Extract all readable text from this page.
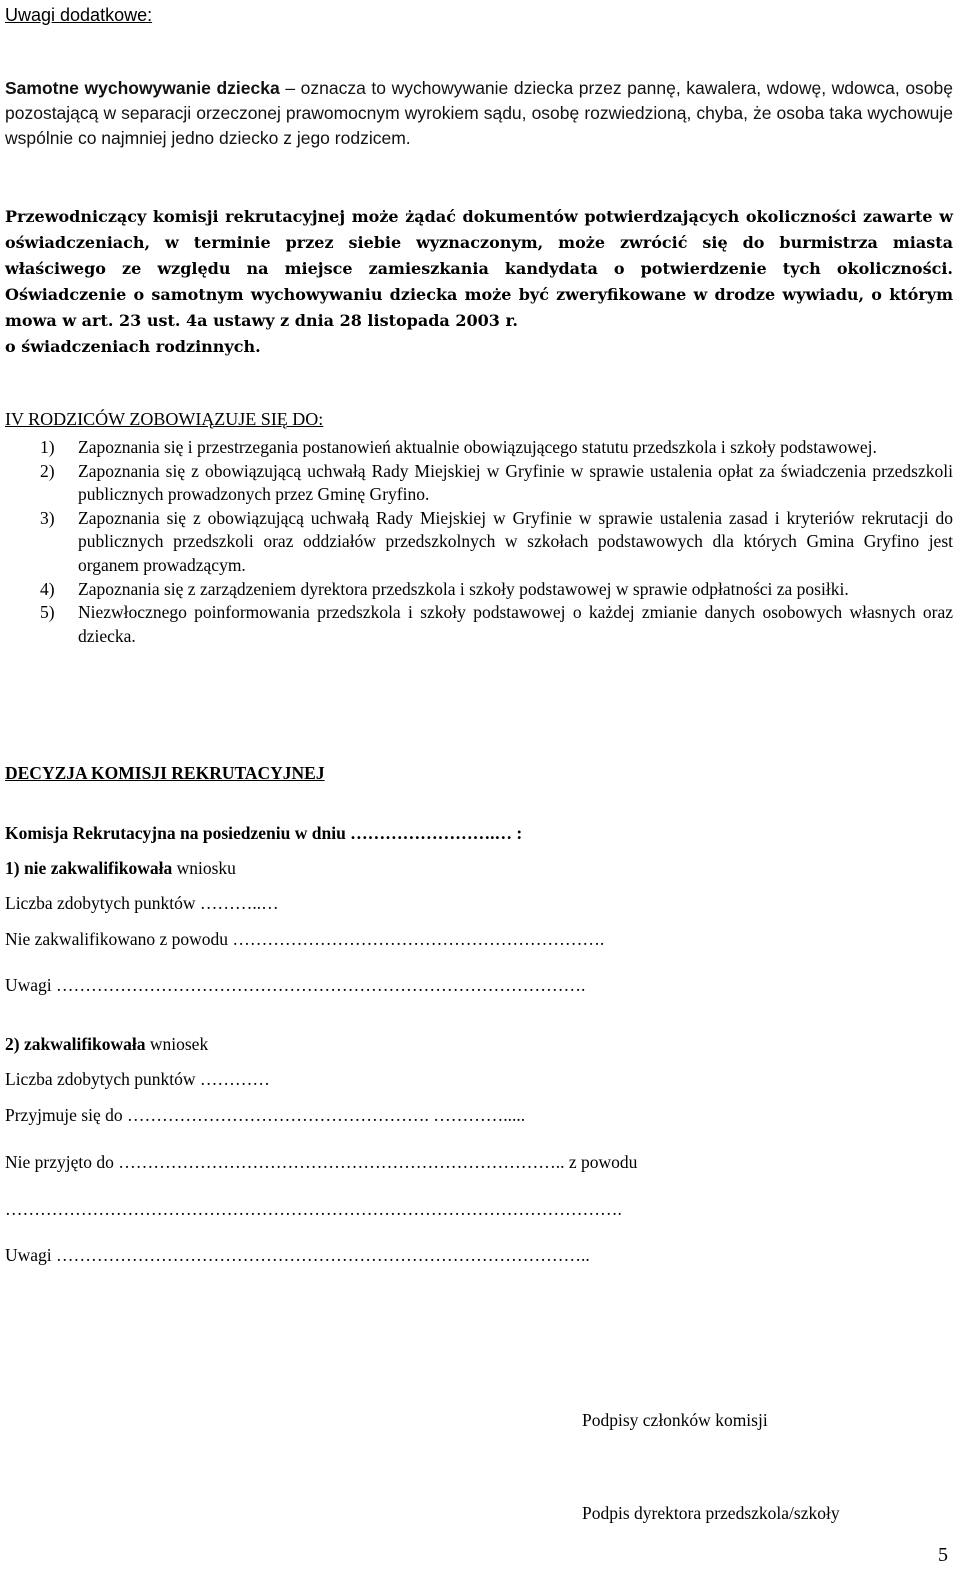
Uwagi dodatkowe:
Samotne wychowywanie dziecka – oznacza to wychowywanie dziecka przez pannę, kawalera, wdowę, wdowca, osobę pozostającą w separacji orzeczonej prawomocnym wyrokiem sądu, osobę rozwiedzioną, chyba, że osoba taka wychowuje wspólnie co najmniej jedno dziecko z jego rodzicem.
Przewodniczący komisji rekrutacyjnej może żądać dokumentów potwierdzających okoliczności zawarte w oświadczeniach, w terminie przez siebie wyznaczonym, może zwrócić się do burmistrza miasta właściwego ze względu na miejsce zamieszkania kandydata o potwierdzenie tych okoliczności. Oświadczenie o samotnym wychowywaniu dziecka może być zweryfikowane w drodze wywiadu, o którym mowa w art. 23 ust. 4a ustawy z dnia 28 listopada 2003 r.
o świadczeniach rodzinnych.
IV RODZICÓW ZOBOWIĄZUJE SIĘ DO:
1) Zapoznania się i przestrzegania postanowień aktualnie obowiązującego statutu przedszkola i szkoły podstawowej.
2) Zapoznania się z obowiązującą uchwałą Rady Miejskiej w Gryfinie w sprawie ustalenia opłat za świadczenia przedszkoli publicznych prowadzonych przez Gminę Gryfino.
3) Zapoznania się z obowiązującą uchwałą Rady Miejskiej w Gryfinie w sprawie ustalenia zasad i kryteriów rekrutacji do publicznych przedszkoli oraz oddziałów przedszkolnych w szkołach podstawowych dla których Gmina Gryfino jest organem prowadzącym.
4) Zapoznania się z zarządzeniem dyrektora przedszkola i szkoły podstawowej w sprawie odpłatności za posiłki.
5) Niezwłocznego poinformowania przedszkola i szkoły podstawowej o każdej zmianie danych osobowych własnych oraz dziecka.
DECYZJA KOMISJI REKRUTACYJNEJ
Komisja Rekrutacyjna na posiedzeniu w dniu …………………….… :
1) nie zakwalifikowała wniosku
Liczba zdobytych punktów ………..…
Nie zakwalifikowano z powodu ……………………………………………………….
Uwagi ……………………………………………………………………………….
2) zakwalifikowała wniosek
Liczba zdobytych punktów …………
Przyjmuje się do ……………………………………………. ………….....
Nie przyjęto do ………………………………………………………………….. z powodu
…………………………………………………………………………………………….
Uwagi ………………………………………………………………………………..
Podpisy członków komisji
Podpis dyrektora przedszkola/szkoły
5
